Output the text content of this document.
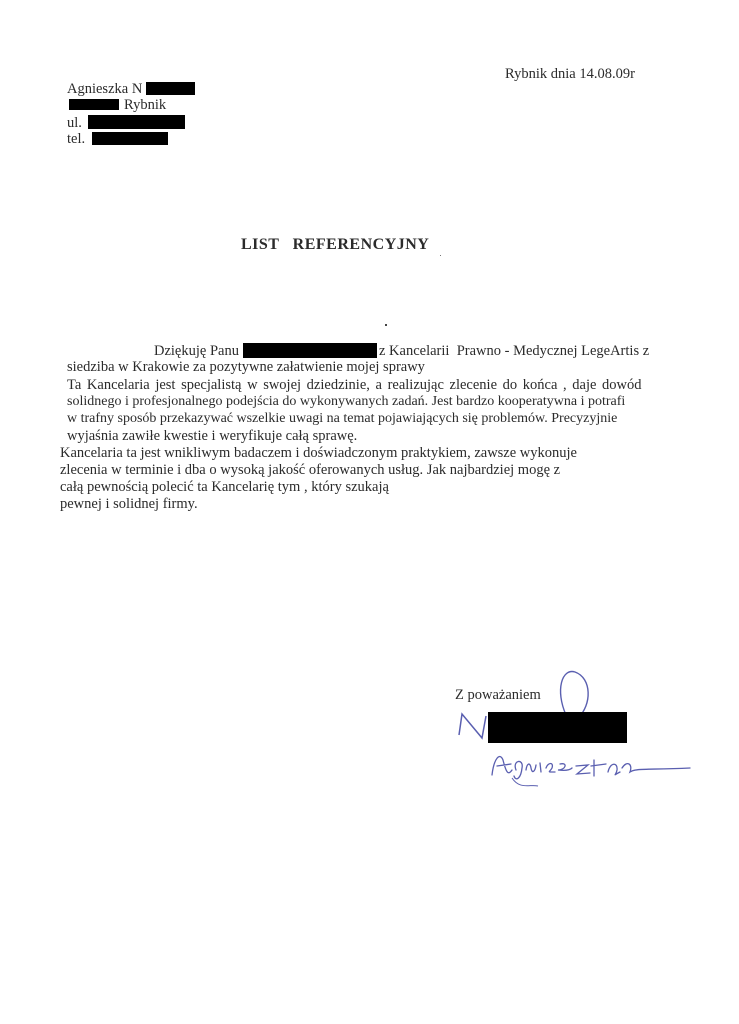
Rybnik dnia 14.08.09r
Agnieszka N
Rybnik
ul.
tel.
LIST   REFERENCYJNY
Dziękuję Panu	z Kancelarii  Prawno - Medycznej LegeArtis z
siedziba w Krakowie za pozytywne załatwienie mojej sprawy
Ta Kancelaria jest specjalistą w swojej dziedzinie, a realizując zlecenie do końca , daje dowód
solidnego i profesjonalnego podejścia do wykonywanych zadań. Jest bardzo kooperatywna i potrafi
w trafny sposób przekazywać wszelkie uwagi na temat pojawiających się problemów. Precyzyjnie
wyjaśnia zawiłe kwestie i weryfikuje całą sprawę.
Kancelaria ta jest wnikliwym badaczem i doświadczonym praktykiem, zawsze wykonuje
zlecenia w terminie i dba o wysoką jakość oferowanych usług. Jak najbardziej mogę z
całą pewnością polecić ta Kancelarię tym , który szukają
pewnej i solidnej firmy.
Z poważaniem
